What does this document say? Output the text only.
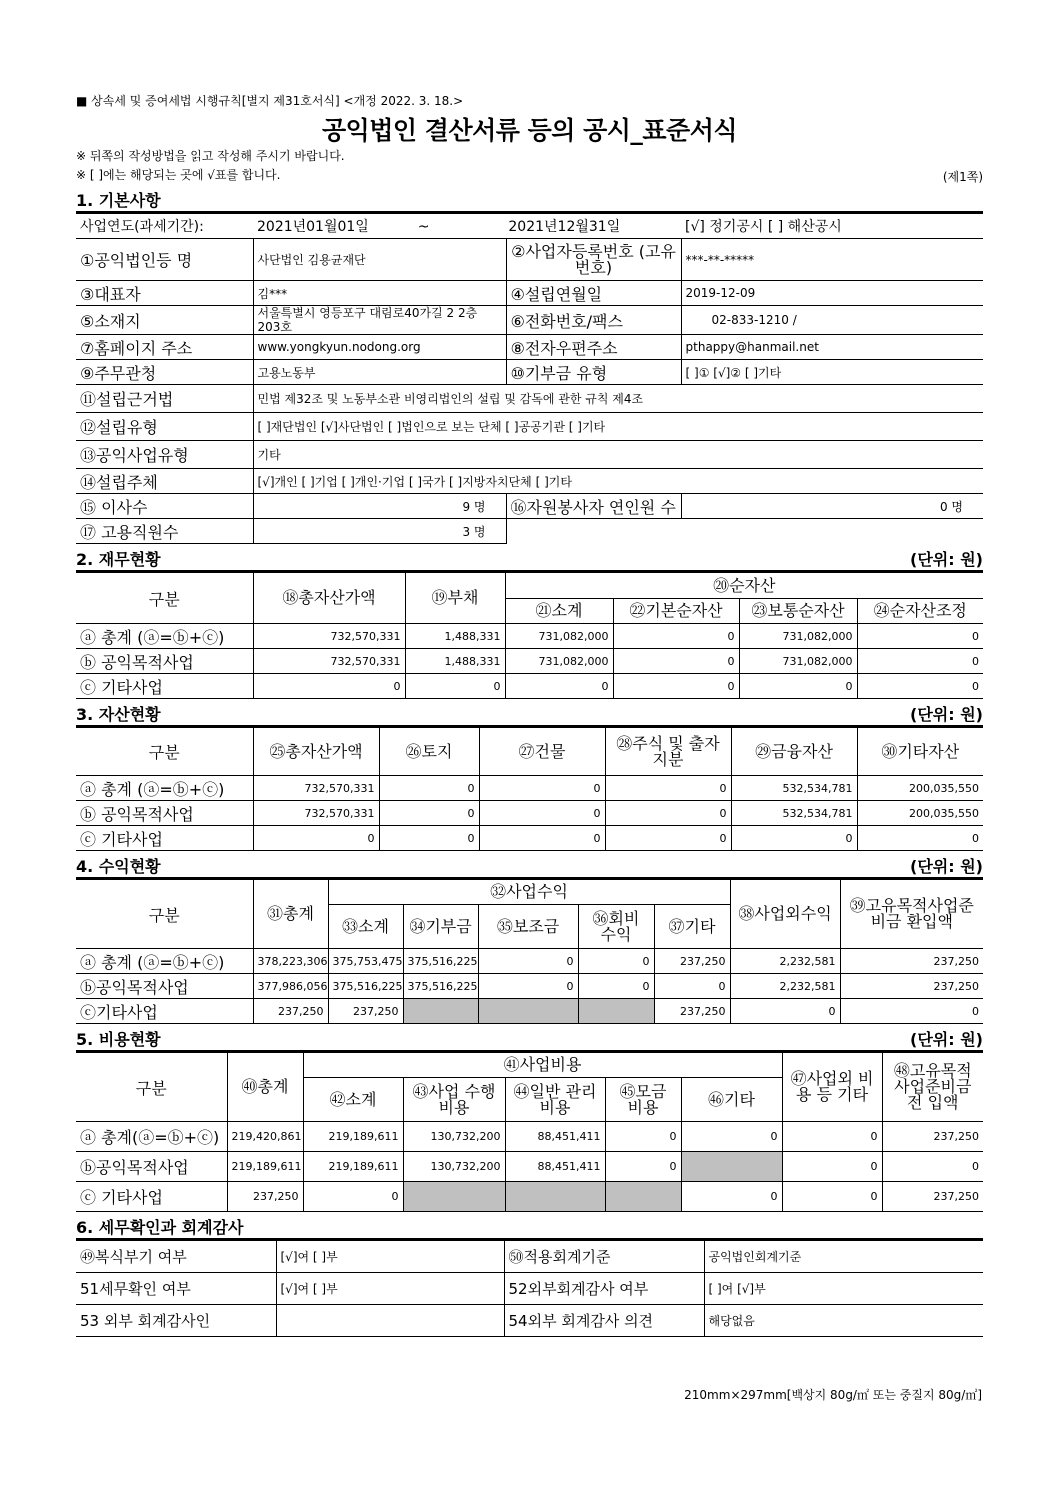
■ 상속세 및 증여세법 시행규칙[별지 제31호서식] <개정 2022. 3. 18.>
공익법인 결산서류 등의 공시_표준서식
※ 뒤쪽의 작성방법을 읽고 작성해 주시기 바랍니다.
※ [ ]에는 해당되는 곳에 √표를 합니다.	(제1쪽)
1. 기본사항
사업연도(과세기간):	2021년01월01일 ~ 2021년12월31일		[√] 정기공시 [ ] 해산공시
①공익법인등 명	사단법인 김용균재단	②사업자등록번호 (고유번호)	***-**-*****
③대표자	김***	④설립연월일	2019-12-09
⑤소재지	서울특별시 영등포구 대림로40가길 2 2층 203호	⑥전화번호/팩스	02-833-1210 /
⑦홈페이지 주소	www.yongkyun.nodong.org	⑧전자우편주소	pthappy@hanmail.net
⑨주무관청	고용노동부	⑩기부금 유형	[ ]① [√]② [ ]기타
⑪설립근거법	민법 제32조 및 노동부소관 비영리법인의 설립 및 감독에 관한 규칙 제4조		
⑫설립유형	[ ]재단법인 [√]사단법인 [ ]법인으로 보는 단체 [ ]공공기관 [ ]기타		
⑬공익사업유형	기타		
⑭설립주체	[√]개인 [ ]기업 [ ]개인·기업 [ ]국가 [ ]지방자치단체 [ ]기타		
⑮ 이사수	9 명	⑯자원봉사자 연인원 수	0 명
⑰ 고용직원수	3 명		
2. 재무현황	(단위: 원)
구분	⑱총자산가액	⑲부채	⑳순자산			
			㉑소계	㉒기본순자산	㉓보통순자산	㉔순자산조정
ⓐ 총계 (ⓐ=ⓑ+ⓒ)	732,570,331	1,488,331	731,082,000	0	731,082,000	0
ⓑ 공익목적사업	732,570,331	1,488,331	731,082,000	0	731,082,000	0
ⓒ 기타사업	0	0	0	0	0	0
3. 자산현황	(단위: 원)
구분	㉕총자산가액	㉖토지	㉗건물	㉘주식 및 출자지분	㉙금융자산	㉚기타자산
ⓐ 총계 (ⓐ=ⓑ+ⓒ)	732,570,331	0	0	0	532,534,781	200,035,550
ⓑ 공익목적사업	732,570,331	0	0	0	532,534,781	200,035,550
ⓒ 기타사업	0	0	0	0	0	0
4. 수익현황	(단위: 원)
구분	㉛총계	㉜사업수익					㊳사업외수익	㊴고유목적사업준비금 환입액
		㉝소계	㉞기부금	㉟보조금	㊱회비 수익	㊲기타		
ⓐ 총계 (ⓐ=ⓑ+ⓒ)	378,223,306	375,753,475	375,516,225	0	0	237,250	2,232,581	237,250
ⓑ공익목적사업	377,986,056	375,516,225	375,516,225	0	0	0	2,232,581	237,250
ⓒ기타사업	237,250	237,250				237,250	0	0
5. 비용현황	(단위: 원)
구분	㊵총계	㊶사업비용					㊼사업외 비용 등 기타	㊽고유목적 사업준비금전 입액
		㊷소계	㊸사업 수행비용	㊹일반 관리비용	㊺모금 비용	㊻기타		
ⓐ 총계(ⓐ=ⓑ+ⓒ)	219,420,861	219,189,611	130,732,200	88,451,411	0	0	0	237,250
ⓑ공익목적사업	219,189,611	219,189,611	130,732,200	88,451,411	0		0	0
ⓒ 기타사업	237,250	0				0	0	237,250
6. 세무확인과 회계감사
㊾복식부기 여부	[√]여 [ ]부	㊿적용회계기준	공익법인회계기준
51세무확인 여부	[√]여 [ ]부	52외부회계감사 여부	[ ]여 [√]부
53 외부 회계감사인		54외부 회계감사 의견	해당없음
210mm×297mm[백상지 80g/㎡ 또는 중질지 80g/㎡]
